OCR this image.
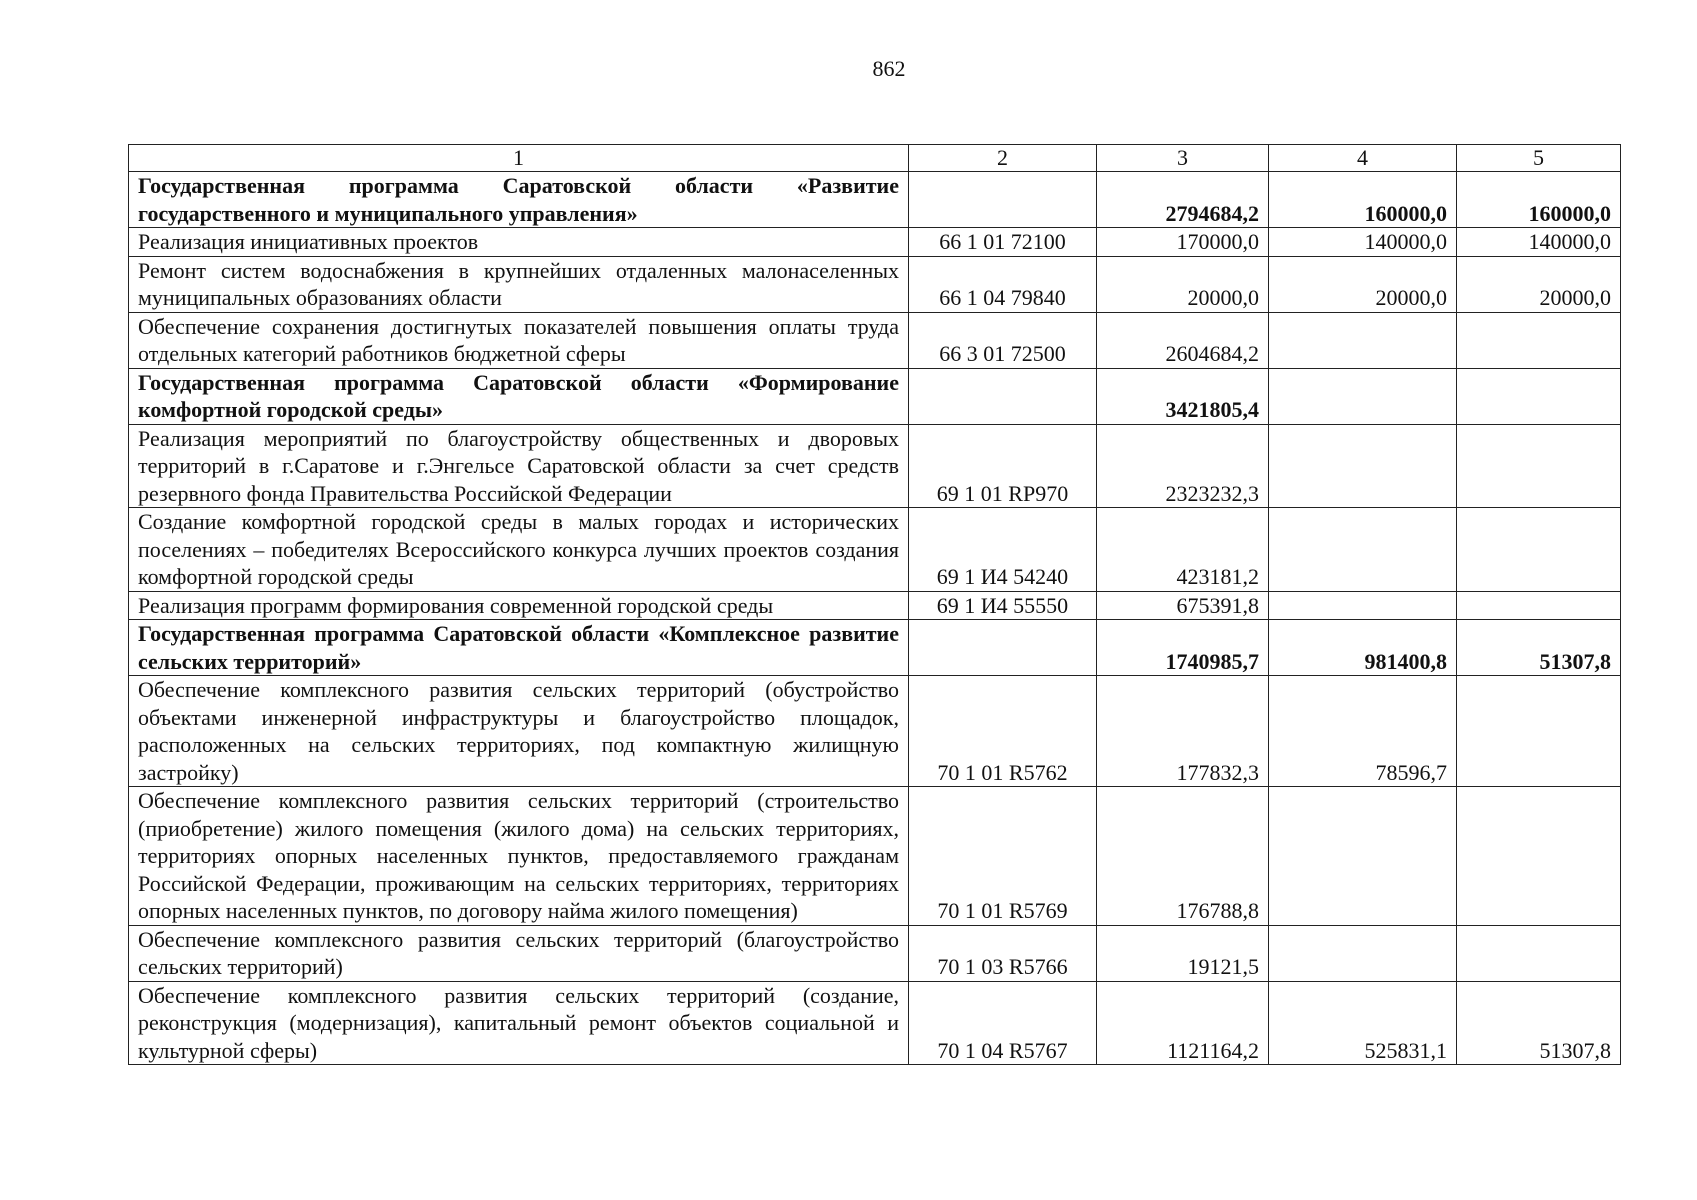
862
1	2	3	4	5
Государственная программа Саратовской области «Развитие государственного и муниципального управления»		2794684,2	160000,0	160000,0
Реализация инициативных проектов	66 1 01 72100	170000,0	140000,0	140000,0
Ремонт систем водоснабжения в крупнейших отдаленных малонаселенных муниципальных образованиях области	66 1 04 79840	20000,0	20000,0	20000,0
Обеспечение сохранения достигнутых показателей повышения оплаты труда отдельных категорий работников бюджетной сферы	66 3 01 72500	2604684,2		
Государственная программа Саратовской области «Формирование комфортной городской среды»		3421805,4		
Реализация мероприятий по благоустройству общественных и дворовых территорий в г.Саратове и г.Энгельсе Саратовской области за счет средств резервного фонда Правительства Российской Федерации	69 1 01 RP970	2323232,3		
Создание комфортной городской среды в малых городах и исторических поселениях – победителях Всероссийского конкурса лучших проектов создания комфортной городской среды	69 1 И4 54240	423181,2		
Реализация программ формирования современной городской среды	69 1 И4 55550	675391,8		
Государственная программа Саратовской области «Комплексное развитие сельских территорий»		1740985,7	981400,8	51307,8
Обеспечение комплексного развития сельских территорий (обустройство объектами инженерной инфраструктуры и благоустройство площадок, расположенных на сельских территориях, под компактную жилищную застройку)	70 1 01 R5762	177832,3	78596,7	
Обеспечение комплексного развития сельских территорий (строительство (приобретение) жилого помещения (жилого дома) на сельских территориях, территориях опорных населенных пунктов, предоставляемого гражданам Российской Федерации, проживающим на сельских территориях, территориях опорных населенных пунктов, по договору найма жилого помещения)	70 1 01 R5769	176788,8		
Обеспечение комплексного развития сельских территорий (благоустройство сельских территорий)	70 1 03 R5766	19121,5		
Обеспечение комплексного развития сельских территорий (создание, реконструкция (модернизация), капитальный ремонт объектов социальной и культурной сферы)	70 1 04 R5767	1121164,2	525831,1	51307,8
